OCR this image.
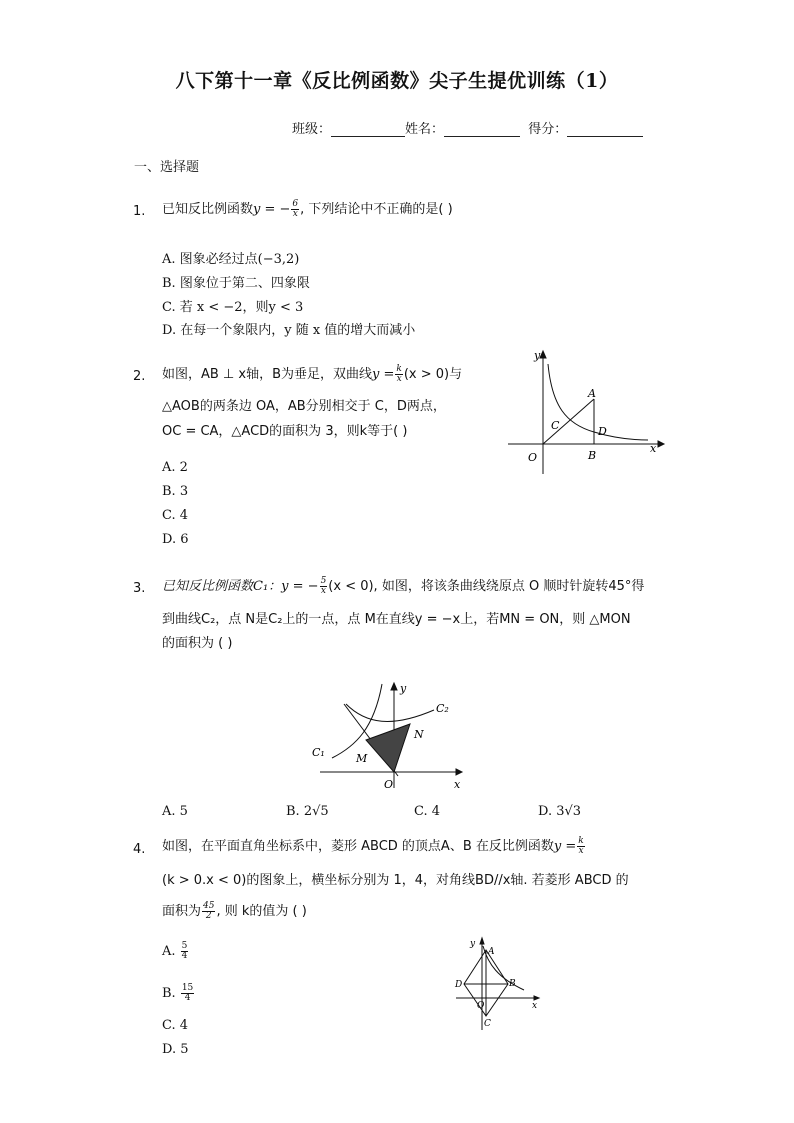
八下第十一章《反比例函数》尖子生提优训练（1）
班级：	姓名：	得分：
一、选择题
1. 已知反比例函数y = − $\frac{6}{x}$ , 下列结论中不正确的是( )
A. 图象必经过点(−3,2)
B. 图象位于第二、四象限
C. 若 x < −2，则y < 3
D. 在每一个象限内，y 随 x 值的增大而减小
2. 如图，AB ⊥ x轴，B为垂足，双曲线$y = \frac{k}{x} (x > 0)$与
△AOB的两条边 OA，AB分别相交于 C，D两点，
OC = CA，△ACD的面积为 3，则k等于( )
A. 2
B. 3
C. 4
D. 6
y
x
A
C	D
O	B
3. 已知反比例函数C₁：y = − $\frac{5}{x} (x < 0)$, 如图，将该条曲线绕原点 O 顺时针旋转45°得
到曲线C₂，点 N是C₂上的一点，点 M在直线y = −x上，若MN = ON，则 △MON
的面积为 ( )
y
x
C₁
C₂
M
N
O
A. 5	B. 2√5	C. 4	D. 3√3
4. 如图，在平面直角坐标系中，菱形 ABCD 的顶点A、B 在反比例函数$y = \frac{k}{x}$
(k > 0.x < 0)的图象上，横坐标分别为 1，4，对角线BD//x轴. 若菱形 ABCD 的
面积为 $\frac{45}{2}$ , 则 k的值为 ( )
A. $\frac{5}{4}$
B. $\frac{15}{4}$
C. 4
D. 5
y
x
A
B
C
D
O
